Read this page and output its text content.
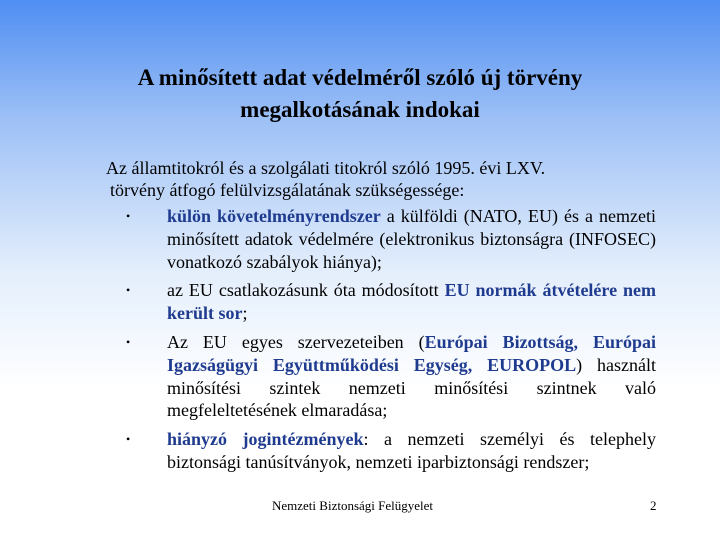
A minősített adat védelméről szóló új törvény
megalkotásának indokai
Az államtitokról és a szolgálati titokról szóló 1995. évi LXV.
törvény átfogó felülvizsgálatának szükségessége:
• külön követelményrendszer a külföldi (NATO, EU) és a nemzeti minősített adatok védelmére (elektronikus biztonságra (INFOSEC) vonatkozó szabályok hiánya);
• az EU csatlakozásunk óta módosított EU normák átvételére nem került sor;
• Az EU egyes szervezeteiben (Európai Bizottság, Európai Igazságügyi Együttműködési Egység, EUROPOL) használt minősítési szintek nemzeti minősítési szintnek való megfeleltetésének elmaradása;
• hiányzó jogintézmények: a nemzeti személyi és telephely biztonsági tanúsítványok, nemzeti iparbiztonsági rendszer;
Nemzeti Biztonsági Felügyelet	2
